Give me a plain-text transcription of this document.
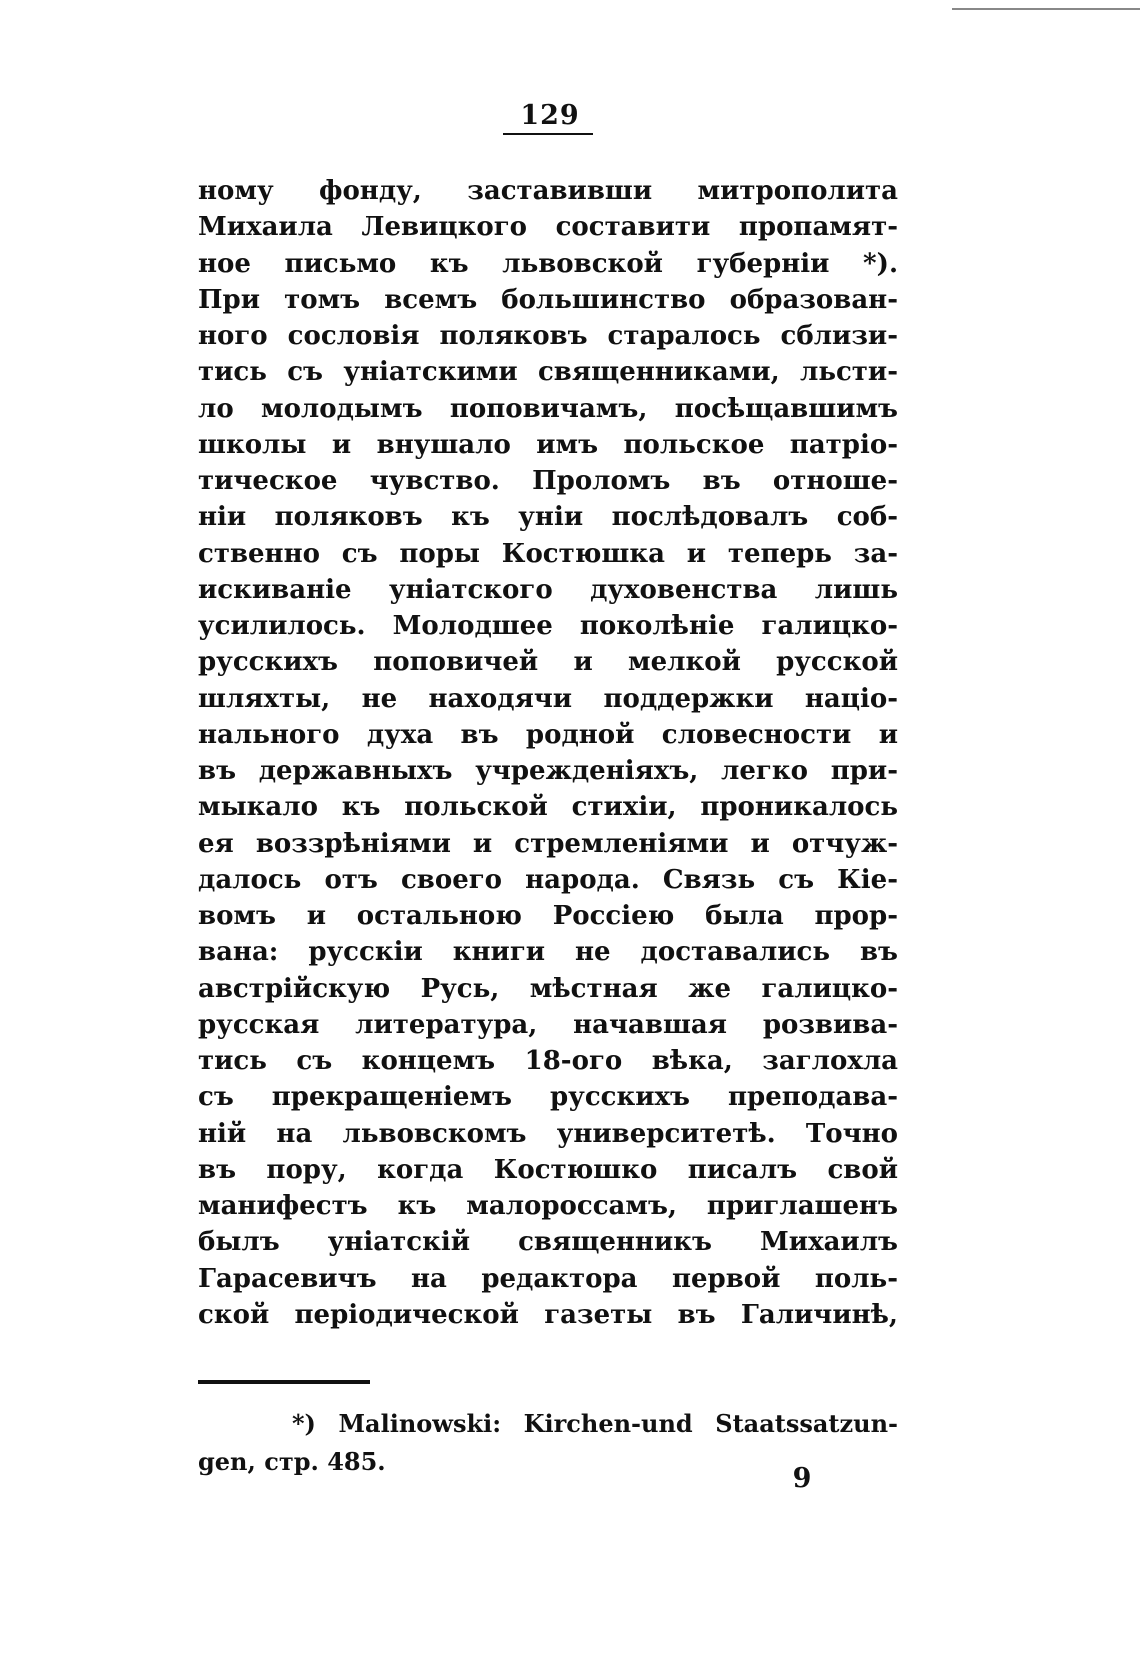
129
ному фонду, заставивши митрополита
Михаила Левицкого составити пропамят-
ное письмо къ львовской губерніи *).
При томъ всемъ большинство образован-
ного сословія поляковъ старалось сблизи-
тись съ уніатскими священниками, льсти-
ло молодымъ поповичамъ, посѣщавшимъ
школы и внушало имъ польское патріо-
тическое чувство. Проломъ въ отноше-
ніи поляковъ къ уніи послѣдовалъ соб-
ственно съ поры Костюшка и теперь за-
искиваніе уніатского духовенства лишь
усилилось. Молодшее поколѣніе галицко-
русскихъ поповичей и мелкой русской
шляхты, не находячи поддержки націо-
нального духа въ родной словесности и
въ державныхъ учрежденіяхъ, легко при-
мыкало къ польской стихіи, проникалось
ея воззрѣніями и стремленіями и отчуж-
далось отъ своего народа. Связь съ Кіе-
вомъ и остальною Россіею была прор-
вана: русскіи книги не доставались въ
австрійскую Русь, мѣстная же галицко-
русская литература, начавшая розвива-
тись съ концемъ 18-ого вѣка, заглохла
съ прекращеніемъ русскихъ преподава-
ній на львовскомъ университетѣ. Точно
въ пору, когда Костюшко писалъ свой
манифестъ къ малороссамъ, приглашенъ
былъ уніатскій священникъ Михаилъ
Гарасевичъ на редактора первой поль-
ской періодической газеты въ Галичинѣ,
*) Malinowski: Kirchen-und Staatssatzun-
gen, стр. 485.
9
